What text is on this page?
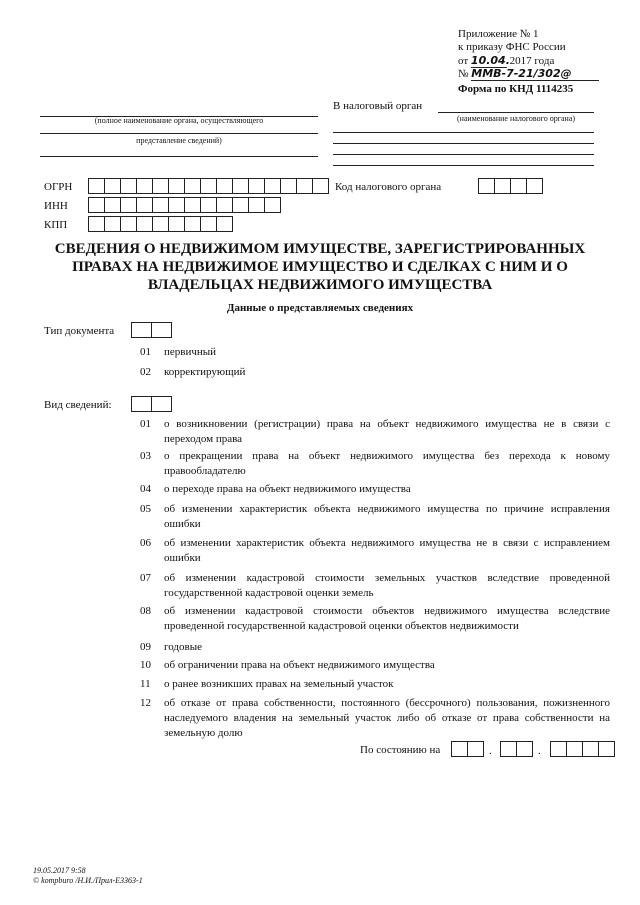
Приложение № 1
к приказу ФНС России
от 10.04. 2017 года
№ ММВ-7-21/302@
Форма по КНД 1114235
(полное наименование органа, осуществляющего
представление сведений)
В налоговый орган
(наименование налогового органа)
ОГРН
ИНН
КПП
Код налогового органа
СВЕДЕНИЯ О НЕДВИЖИМОМ ИМУЩЕСТВЕ, ЗАРЕГИСТРИРОВАННЫХ
ПРАВАХ НА НЕДВИЖИМОЕ ИМУЩЕСТВО И СДЕЛКАХ С НИМ И О
ВЛАДЕЛЬЦАХ НЕДВИЖИМОГО ИМУЩЕСТВА
Данные о представляемых сведениях
Тип документа
01 первичный
02 корректирующий
Вид сведений:
01	о возникновении (регистрации) права на объект недвижимого имущества не в связи с переходом права
03	о прекращении права на объект недвижимого имущества без перехода к новому правообладателю
04	о переходе права на объект недвижимого имущества
05	об изменении характеристик объекта недвижимого имущества по причине исправления ошибки
06	об изменении характеристик объекта недвижимого имущества не в связи с исправлением ошибки
07	об изменении кадастровой стоимости земельных участков вследствие проведенной государственной кадастровой оценки земель
08	об изменении кадастровой стоимости объектов недвижимого имущества вследствие проведенной государственной кадастровой оценки объектов недвижимости
09	годовые
10	об ограничении права на объект недвижимого имущества
11	о ранее возникших правах на земельный участок
12	об отказе от права собственности, постоянного (бессрочного) пользования, пожизненного наследуемого владения на земельный участок либо об отказе от права собственности на земельную долю
По состоянию на	.	.
19.05.2017 9:58
© kompburo /Н.И./Прил-Е3363-1
